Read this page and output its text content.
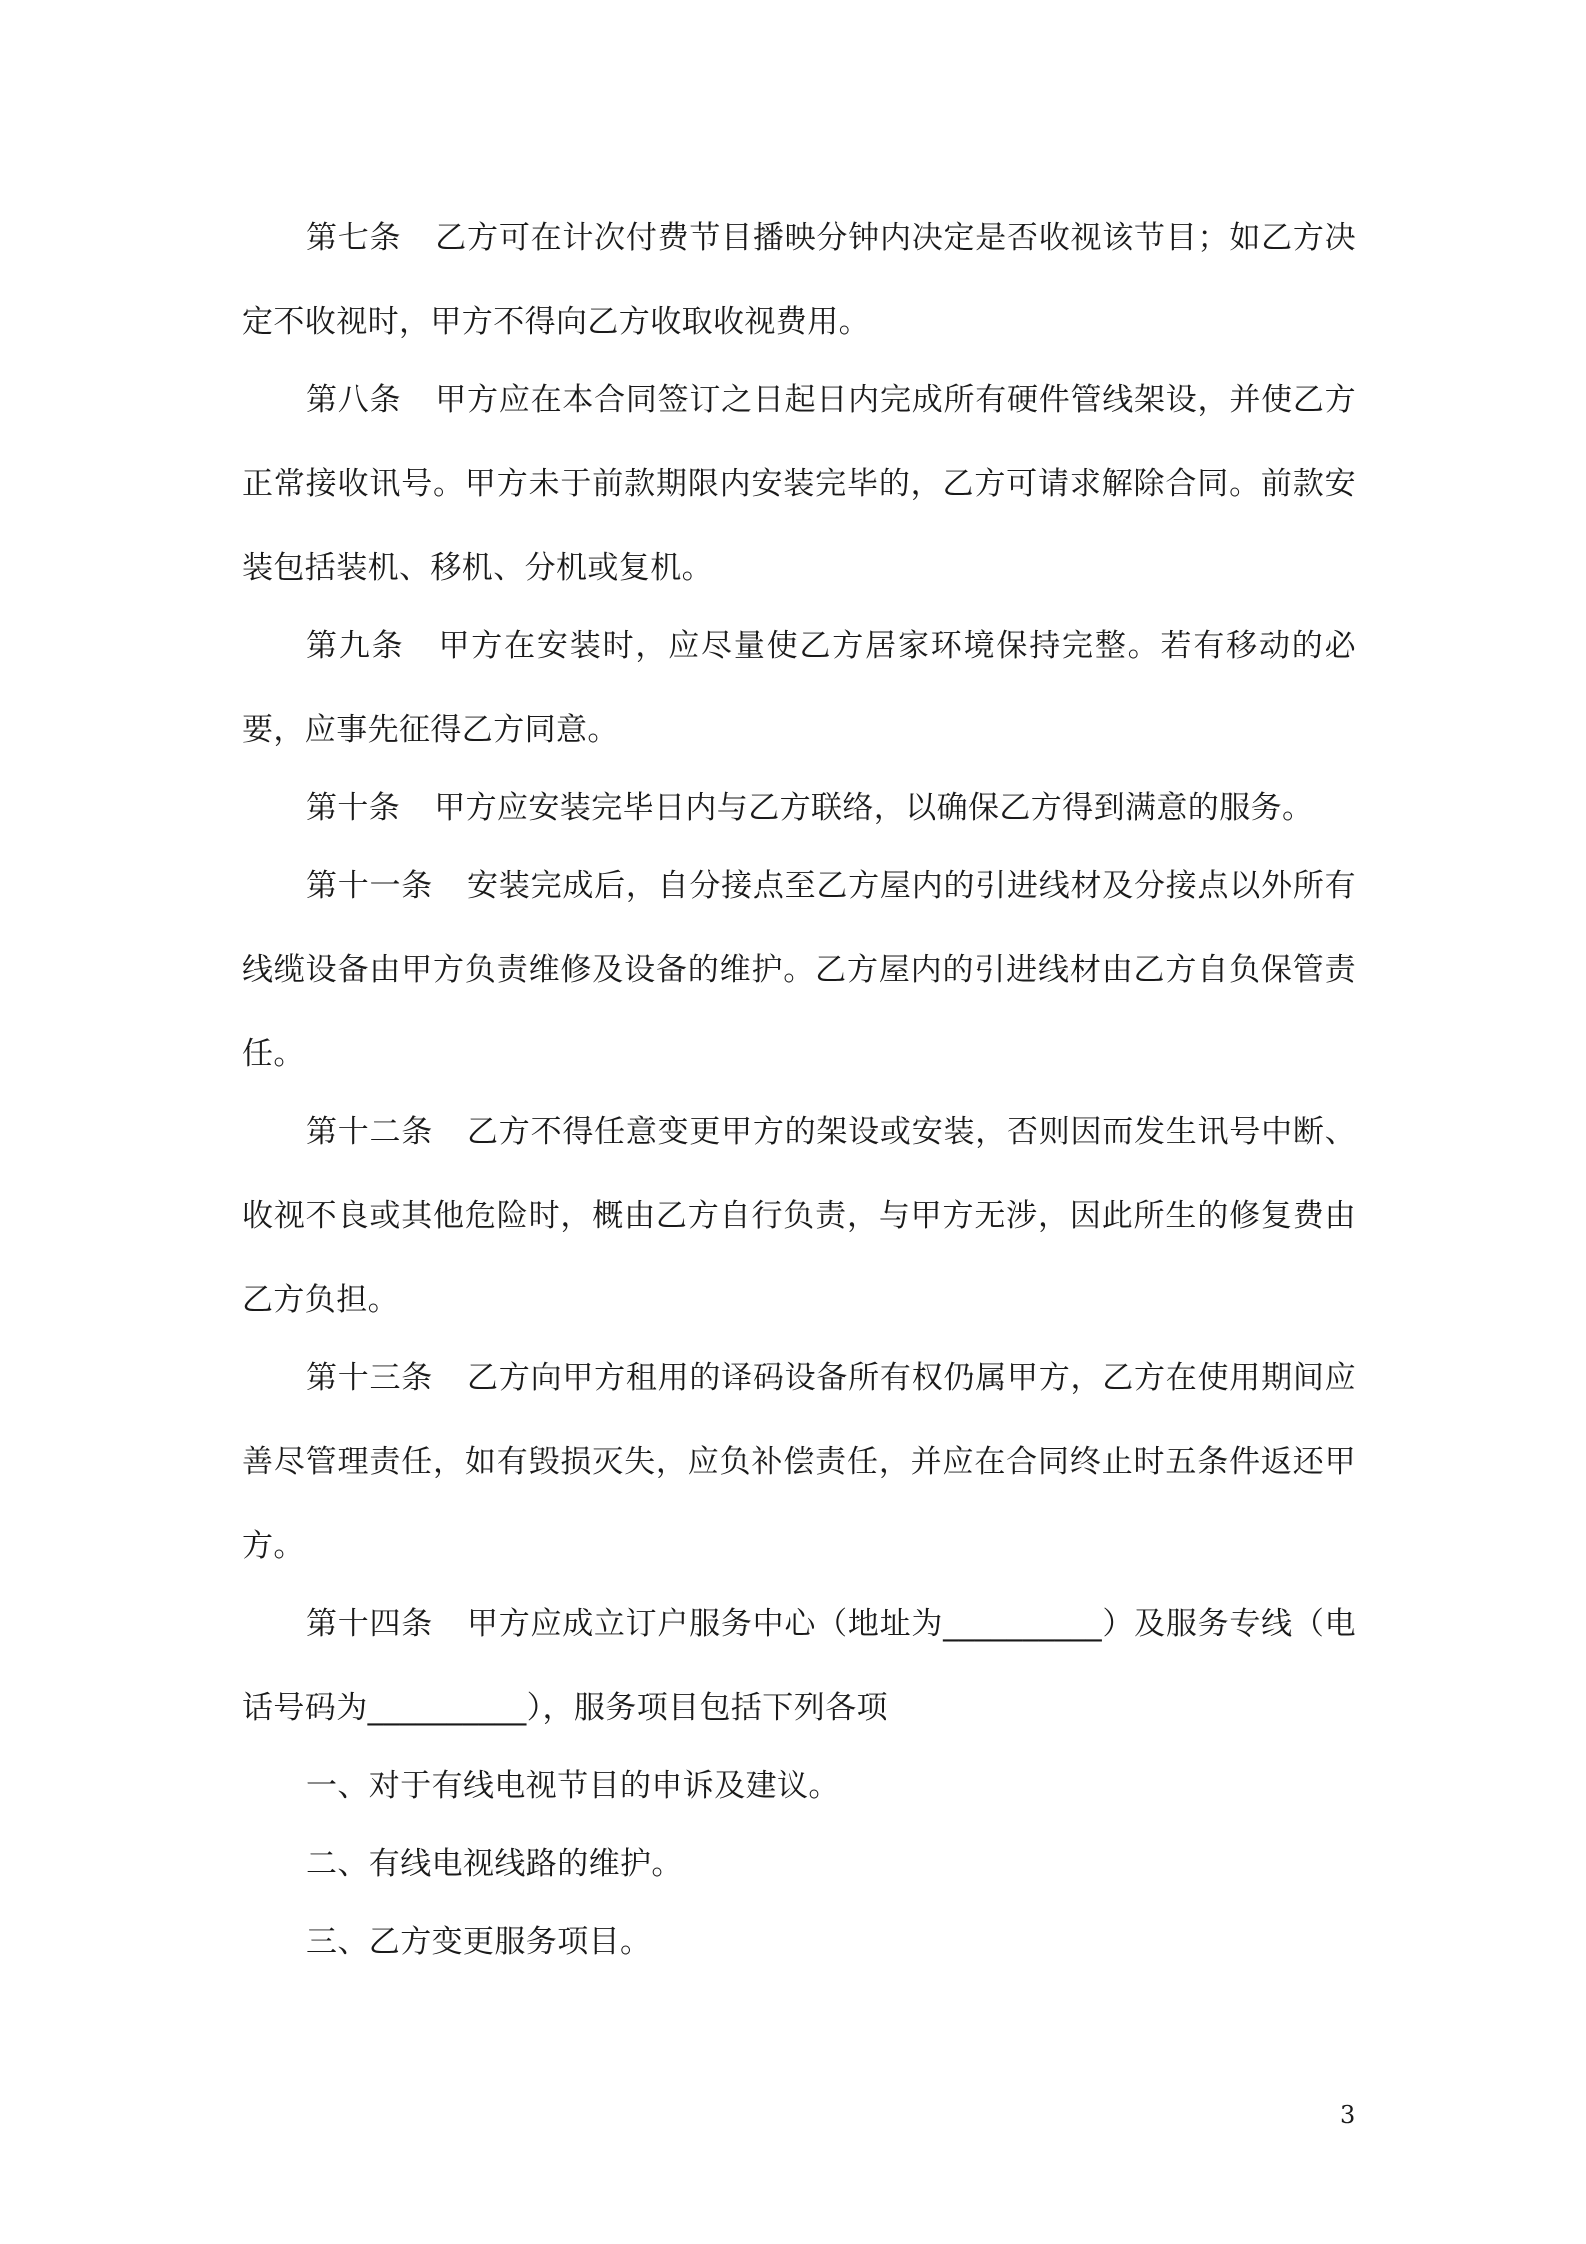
第七条 乙方可在计次付费节目播映分钟内决定是否收视该节目；如乙方决定不收视时，甲方不得向乙方收取收视费用。

第八条 甲方应在本合同签订之日起日内完成所有硬件管线架设，并使乙方正常接收讯号。甲方未于前款期限内安装完毕的，乙方可请求解除合同。前款安装包括装机、移机、分机或复机。

第九条 甲方在安装时，应尽量使乙方居家环境保持完整。若有移动的必要，应事先征得乙方同意。

第十条 甲方应安装完毕日内与乙方联络，以确保乙方得到满意的服务。

第十一条 安装完成后，自分接点至乙方屋内的引进线材及分接点以外所有线缆设备由甲方负责维修及设备的维护。乙方屋内的引进线材由乙方自负保管责任。

第十二条 乙方不得任意变更甲方的架设或安装，否则因而发生讯号中断、收视不良或其他危险时，概由乙方自行负责，与甲方无涉，因此所生的修复费由乙方负担。

第十三条 乙方向甲方租用的译码设备所有权仍属甲方，乙方在使用期间应善尽管理责任，如有毁损灭失，应负补偿责任，并应在合同终止时五条件返还甲方。

第十四条 甲方应成立订户服务中心（地址为__________）及服务专线（电话号码为__________），服务项目包括下列各项

一、对于有线电视节目的申诉及建议。

二、有线电视线路的维护。

三、乙方变更服务项目。

3
